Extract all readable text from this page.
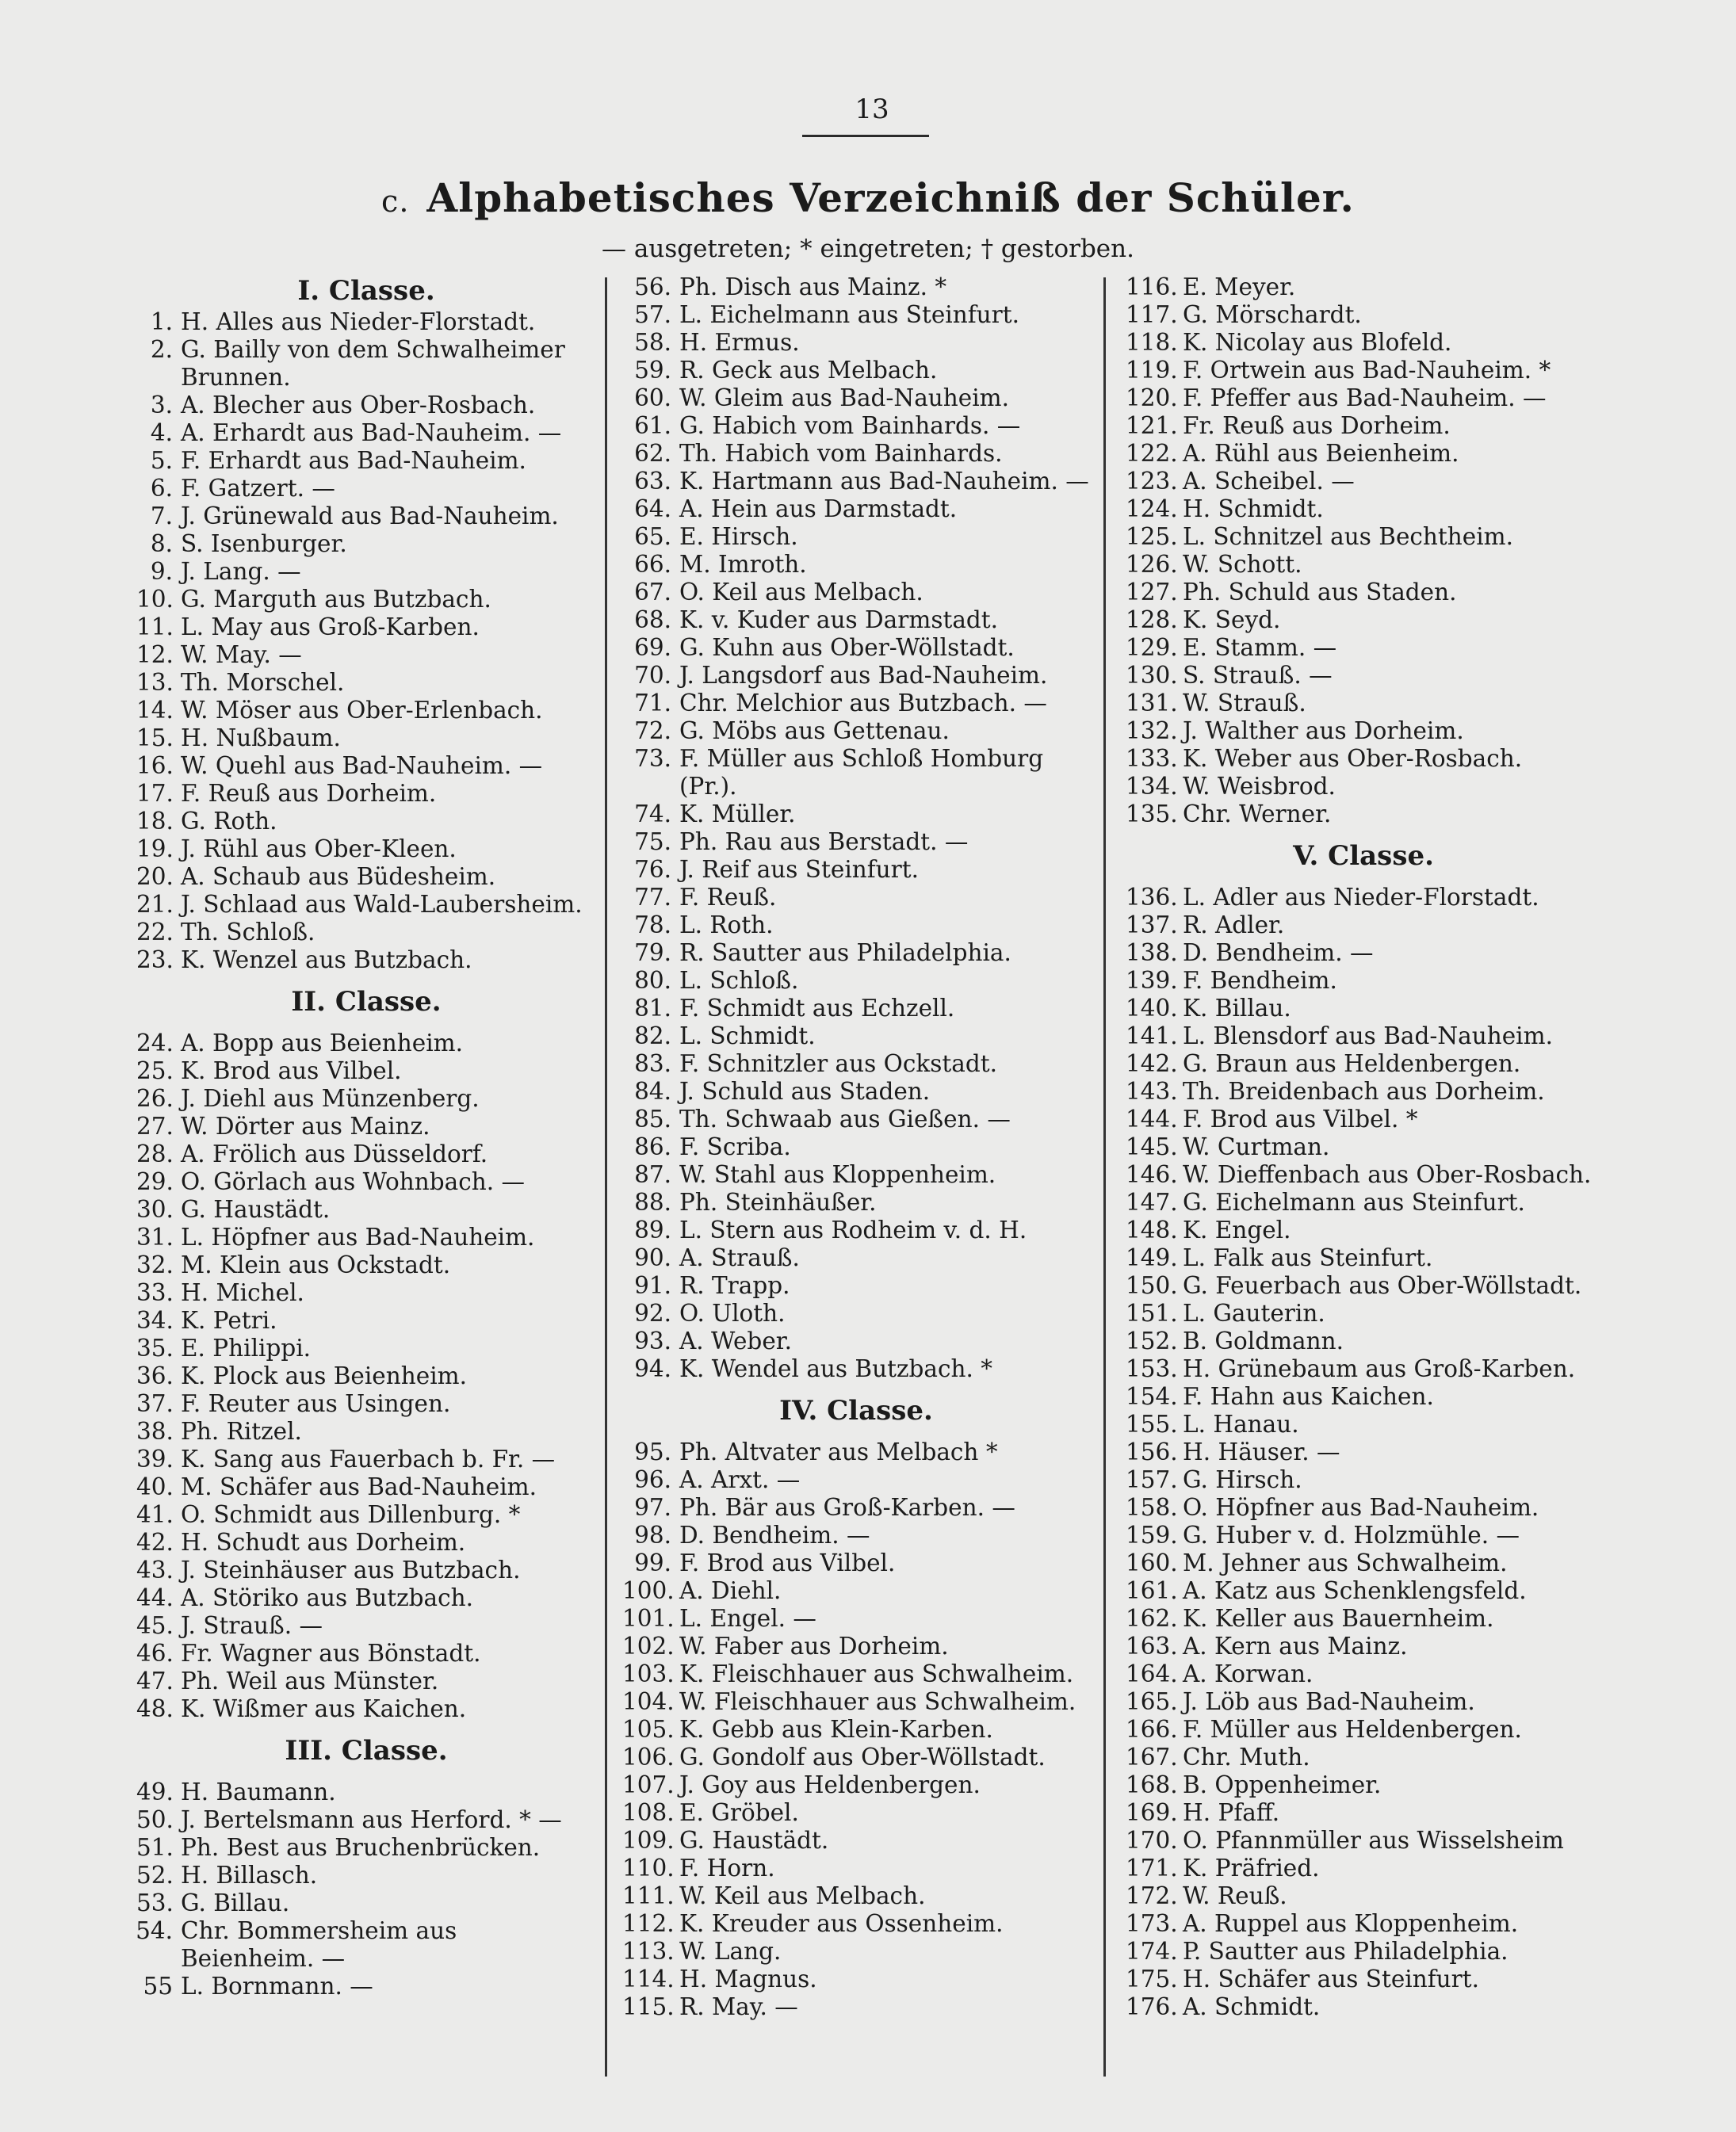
13
c. Alphabetisches Verzeichniß der Schüler.
— ausgetreten; * eingetreten; † gestorben.
I. Classe.
1. H. Alles aus Nieder-Florstadt.
2. G. Bailly von dem Schwalheimer Brunnen.
3. A. Blecher aus Ober-Rosbach.
4. A. Erhardt aus Bad-Nauheim. —
5. F. Erhardt aus Bad-Nauheim.
6. F. Gatzert. —
7. J. Grünewald aus Bad-Nauheim.
8. S. Isenburger.
9. J. Lang. —
10. G. Marguth aus Butzbach.
11. L. May aus Groß-Karben.
12. W. May. —
13. Th. Morschel.
14. W. Möser aus Ober-Erlenbach.
15. H. Nußbaum.
16. W. Quehl aus Bad-Nauheim. —
17. F. Reuß aus Dorheim.
18. G. Roth.
19. J. Rühl aus Ober-Kleen.
20. A. Schaub aus Büdesheim.
21. J. Schlaad aus Wald-Laubersheim.
22. Th. Schloß.
23. K. Wenzel aus Butzbach.
II. Classe.
24. A. Bopp aus Beienheim.
25. K. Brod aus Vilbel.
26. J. Diehl aus Münzenberg.
27. W. Dörter aus Mainz.
28. A. Frölich aus Düsseldorf.
29. O. Görlach aus Wohnbach. —
30. G. Haustädt.
31. L. Höpfner aus Bad-Nauheim.
32. M. Klein aus Ockstadt.
33. H. Michel.
34. K. Petri.
35. E. Philippi.
36. K. Plock aus Beienheim.
37. F. Reuter aus Usingen.
38. Ph. Ritzel.
39. K. Sang aus Fauerbach b. Fr. —
40. M. Schäfer aus Bad-Nauheim.
41. O. Schmidt aus Dillenburg. *
42. H. Schudt aus Dorheim.
43. J. Steinhäuser aus Butzbach.
44. A. Störiko aus Butzbach.
45. J. Strauß. —
46. Fr. Wagner aus Bönstadt.
47. Ph. Weil aus Münster.
48. K. Wißmer aus Kaichen.
III. Classe.
49. H. Baumann.
50. J. Bertelsmann aus Herford. * —
51. Ph. Best aus Bruchenbrücken.
52. H. Billasch.
53. G. Billau.
54. Chr. Bommersheim aus Beienheim. —
55 L. Bornmann. —
56. Ph. Disch aus Mainz. *
57. L. Eichelmann aus Steinfurt.
58. H. Ermus.
59. R. Geck aus Melbach.
60. W. Gleim aus Bad-Nauheim.
61. G. Habich vom Bainhards. —
62. Th. Habich vom Bainhards.
63. K. Hartmann aus Bad-Nauheim. —
64. A. Hein aus Darmstadt.
65. E. Hirsch.
66. M. Imroth.
67. O. Keil aus Melbach.
68. K. v. Kuder aus Darmstadt.
69. G. Kuhn aus Ober-Wöllstadt.
70. J. Langsdorf aus Bad-Nauheim.
71. Chr. Melchior aus Butzbach. —
72. G. Möbs aus Gettenau.
73. F. Müller aus Schloß Homburg (Pr.).
74. K. Müller.
75. Ph. Rau aus Berstadt. —
76. J. Reif aus Steinfurt.
77. F. Reuß.
78. L. Roth.
79. R. Sautter aus Philadelphia.
80. L. Schloß.
81. F. Schmidt aus Echzell.
82. L. Schmidt.
83. F. Schnitzler aus Ockstadt.
84. J. Schuld aus Staden.
85. Th. Schwaab aus Gießen. —
86. F. Scriba.
87. W. Stahl aus Kloppenheim.
88. Ph. Steinhäußer.
89. L. Stern aus Rodheim v. d. H.
90. A. Strauß.
91. R. Trapp.
92. O. Uloth.
93. A. Weber.
94. K. Wendel aus Butzbach. *
IV. Classe.
95. Ph. Altvater aus Melbach *
96. A. Arxt. —
97. Ph. Bär aus Groß-Karben. —
98. D. Bendheim. —
99. F. Brod aus Vilbel.
100. A. Diehl.
101. L. Engel. —
102. W. Faber aus Dorheim.
103. K. Fleischhauer aus Schwalheim.
104. W. Fleischhauer aus Schwalheim.
105. K. Gebb aus Klein-Karben.
106. G. Gondolf aus Ober-Wöllstadt.
107. J. Goy aus Heldenbergen.
108. E. Gröbel.
109. G. Haustädt.
110. F. Horn.
111. W. Keil aus Melbach.
112. K. Kreuder aus Ossenheim.
113. W. Lang.
114. H. Magnus.
115. R. May. —
116. E. Meyer.
117. G. Mörschardt.
118. K. Nicolay aus Blofeld.
119. F. Ortwein aus Bad-Nauheim. *
120. F. Pfeffer aus Bad-Nauheim. —
121. Fr. Reuß aus Dorheim.
122. A. Rühl aus Beienheim.
123. A. Scheibel. —
124. H. Schmidt.
125. L. Schnitzel aus Bechtheim.
126. W. Schott.
127. Ph. Schuld aus Staden.
128. K. Seyd.
129. E. Stamm. —
130. S. Strauß. —
131. W. Strauß.
132. J. Walther aus Dorheim.
133. K. Weber aus Ober-Rosbach.
134. W. Weisbrod.
135. Chr. Werner.
V. Classe.
136. L. Adler aus Nieder-Florstadt.
137. R. Adler.
138. D. Bendheim. —
139. F. Bendheim.
140. K. Billau.
141. L. Blensdorf aus Bad-Nauheim.
142. G. Braun aus Heldenbergen.
143. Th. Breidenbach aus Dorheim.
144. F. Brod aus Vilbel. *
145. W. Curtman.
146. W. Dieffenbach aus Ober-Rosbach.
147. G. Eichelmann aus Steinfurt.
148. K. Engel.
149. L. Falk aus Steinfurt.
150. G. Feuerbach aus Ober-Wöllstadt.
151. L. Gauterin.
152. B. Goldmann.
153. H. Grünebaum aus Groß-Karben.
154. F. Hahn aus Kaichen.
155. L. Hanau.
156. H. Häuser. —
157. G. Hirsch.
158. O. Höpfner aus Bad-Nauheim.
159. G. Huber v. d. Holzmühle. —
160. M. Jehner aus Schwalheim.
161. A. Katz aus Schenklengsfeld.
162. K. Keller aus Bauernheim.
163. A. Kern aus Mainz.
164. A. Korwan.
165. J. Löb aus Bad-Nauheim.
166. F. Müller aus Heldenbergen.
167. Chr. Muth.
168. B. Oppenheimer.
169. H. Pfaff.
170. O. Pfannmüller aus Wisselsheim
171. K. Präfried.
172. W. Reuß.
173. A. Ruppel aus Kloppenheim.
174. P. Sautter aus Philadelphia.
175. H. Schäfer aus Steinfurt.
176. A. Schmidt.
